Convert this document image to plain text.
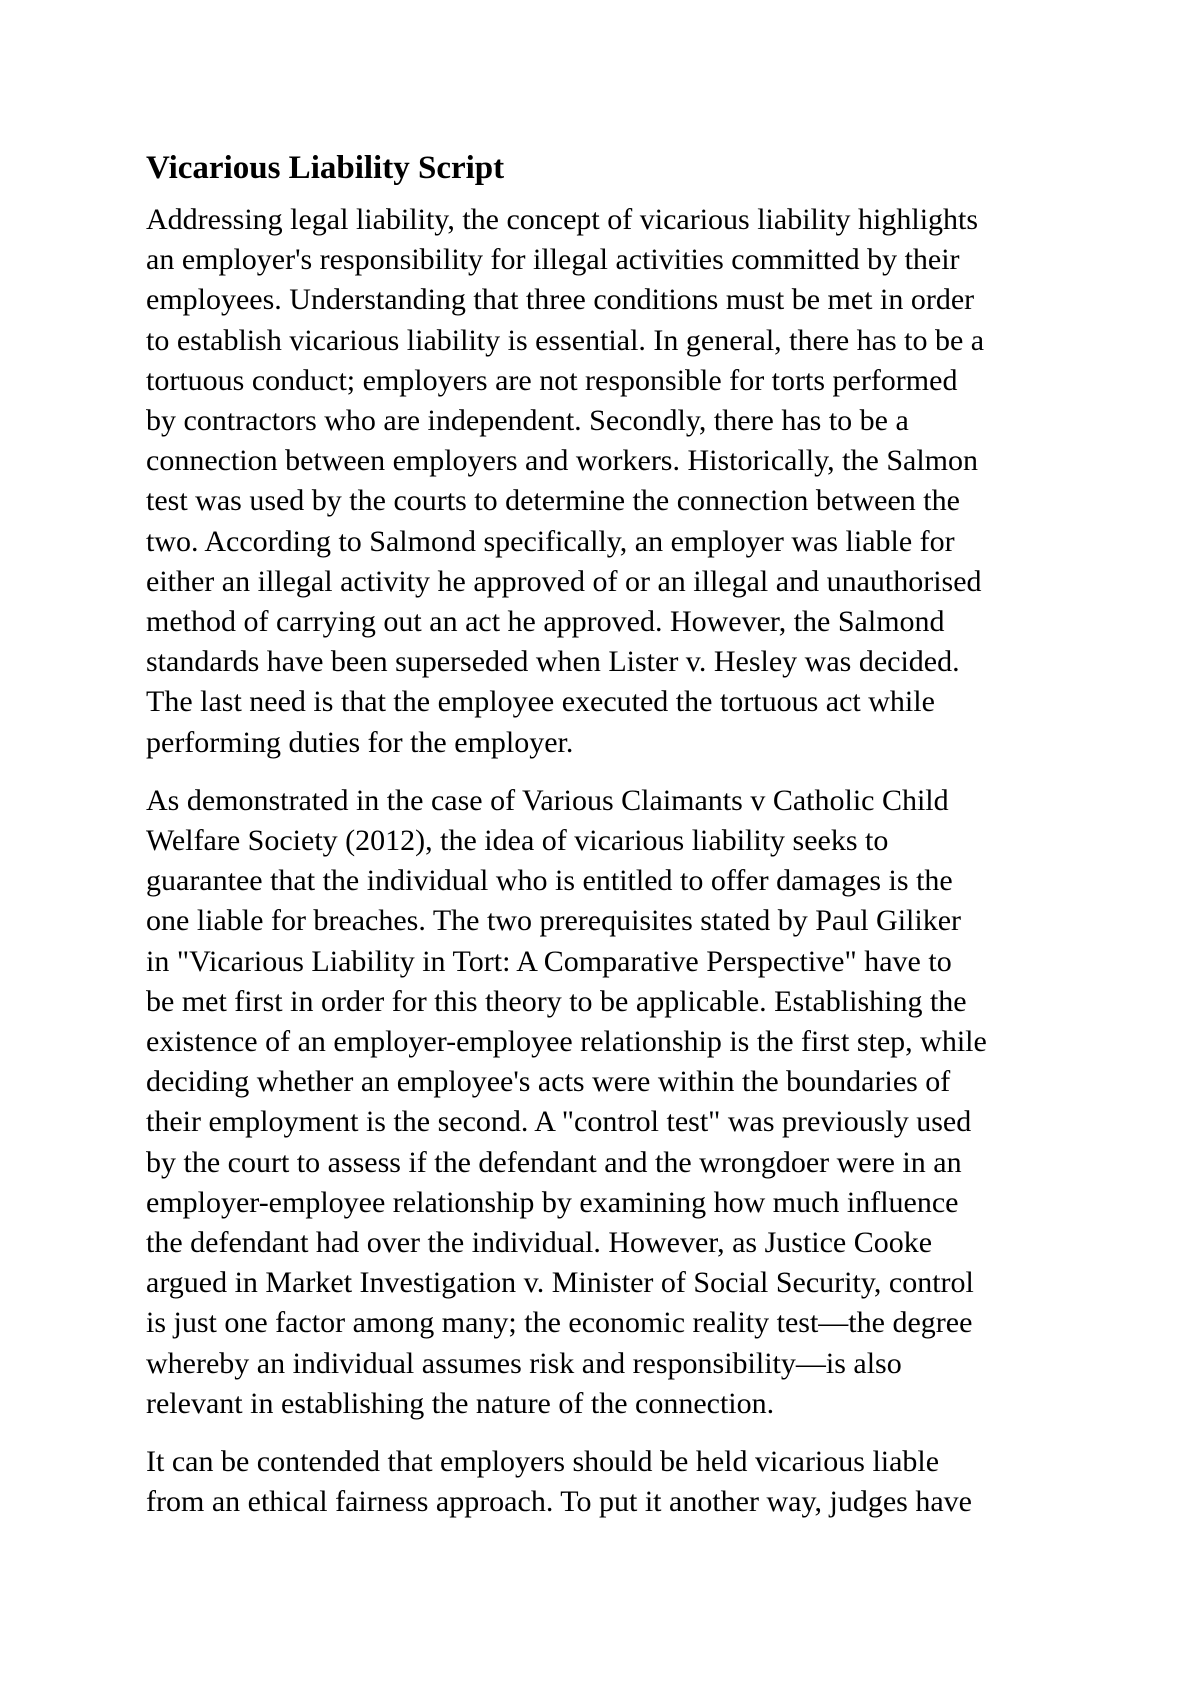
Vicarious Liability Script
Addressing legal liability, the concept of vicarious liability highlights
an employer's responsibility for illegal activities committed by their
employees. Understanding that three conditions must be met in order
to establish vicarious liability is essential. In general, there has to be a
tortuous conduct; employers are not responsible for torts performed
by contractors who are independent. Secondly, there has to be a
connection between employers and workers. Historically, the Salmon
test was used by the courts to determine the connection between the
two. According to Salmond specifically, an employer was liable for
either an illegal activity he approved of or an illegal and unauthorised
method of carrying out an act he approved. However, the Salmond
standards have been superseded when Lister v. Hesley was decided.
The last need is that the employee executed the tortuous act while
performing duties for the employer.
As demonstrated in the case of Various Claimants v Catholic Child
Welfare Society (2012), the idea of vicarious liability seeks to
guarantee that the individual who is entitled to offer damages is the
one liable for breaches. The two prerequisites stated by Paul Giliker
in "Vicarious Liability in Tort: A Comparative Perspective" have to
be met first in order for this theory to be applicable. Establishing the
existence of an employer-employee relationship is the first step, while
deciding whether an employee's acts were within the boundaries of
their employment is the second. A "control test" was previously used
by the court to assess if the defendant and the wrongdoer were in an
employer-employee relationship by examining how much influence
the defendant had over the individual. However, as Justice Cooke
argued in Market Investigation v. Minister of Social Security, control
is just one factor among many; the economic reality test—the degree
whereby an individual assumes risk and responsibility—is also
relevant in establishing the nature of the connection.
It can be contended that employers should be held vicarious liable
from an ethical fairness approach. To put it another way, judges have
